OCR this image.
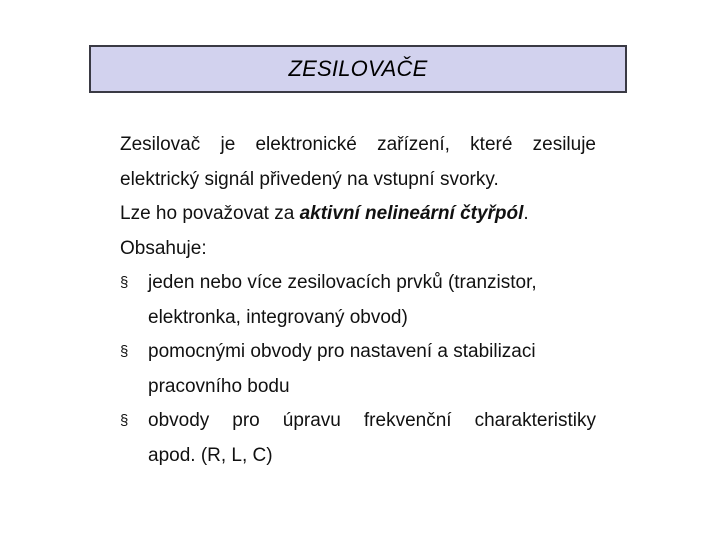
ZESILOVAČE
Zesilovač je elektronické zařízení, které zesiluje
elektrický signál přivedený na vstupní svorky.
Lze ho považovat za aktivní nelineární čtyřpól.
Obsahuje:
§ jeden nebo více zesilovacích prvků (tranzistor,
elektronka, integrovaný obvod)
§ pomocnými obvody pro nastavení a stabilizaci
pracovního bodu
§ obvody pro úpravu frekvenční charakteristiky
apod. (R, L, C)
